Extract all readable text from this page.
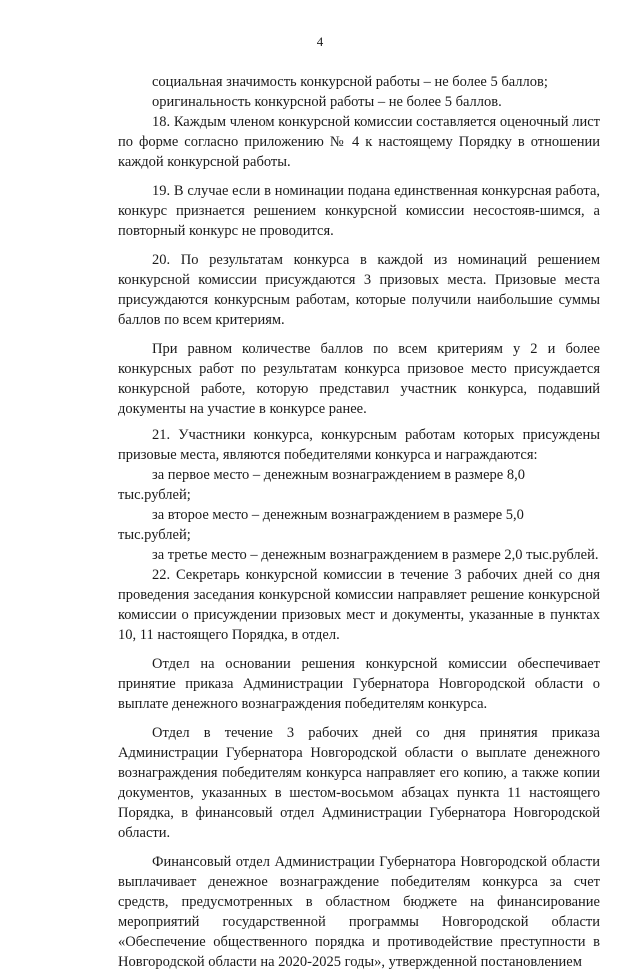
4

социальная значимость конкурсной работы – не более 5 баллов;

оригинальность конкурсной работы – не более 5 баллов.

18. Каждым членом конкурсной комиссии составляется оценочный лист по форме согласно приложению № 4 к настоящему Порядку в отношении каждой конкурсной работы.

19. В случае если в номинации подана единственная конкурсная работа, конкурс признается решением конкурсной комиссии несостояв-шимся, а повторный конкурс не проводится.

20. По результатам конкурса в каждой из номинаций решением конкурсной комиссии присуждаются 3 призовых места. Призовые места присуждаются конкурсным работам, которые получили наибольшие суммы баллов по всем критериям.

При равном количестве баллов по всем критериям у 2 и более конкурсных работ по результатам конкурса призовое место присуждается конкурсной работе, которую представил участник конкурса, подавший документы на участие в конкурсе ранее.

21. Участники конкурса, конкурсным работам которых присуждены призовые места, являются победителями конкурса и награждаются:

за первое место – денежным вознаграждением в размере 8,0 тыс.рублей;

за второе место – денежным вознаграждением в размере 5,0 тыс.рублей;

за третье место – денежным вознаграждением в размере 2,0 тыс.рублей.

22. Секретарь конкурсной комиссии в течение 3 рабочих дней со дня проведения заседания конкурсной комиссии направляет решение конкурсной комиссии о присуждении призовых мест и документы, указанные в пунктах 10, 11 настоящего Порядка, в отдел.

Отдел на основании решения конкурсной комиссии обеспечивает принятие приказа Администрации Губернатора Новгородской области о выплате денежного вознаграждения победителям конкурса.

Отдел в течение 3 рабочих дней со дня принятия приказа Администрации Губернатора Новгородской области о выплате денежного вознаграждения победителям конкурса направляет его копию, а также копии документов, указанных в шестом-восьмом абзацах пункта 11 настоящего Порядка, в финансовый отдел Администрации Губернатора Новгородской области.

Финансовый отдел Администрации Губернатора Новгородской области выплачивает денежное вознаграждение победителям конкурса за счет средств, предусмотренных в областном бюджете на финансирование мероприятий государственной программы Новгородской области «Обеспечение общественного порядка и противодействие преступности в Новгородской области на 2020-2025 годы», утвержденной постановлением
